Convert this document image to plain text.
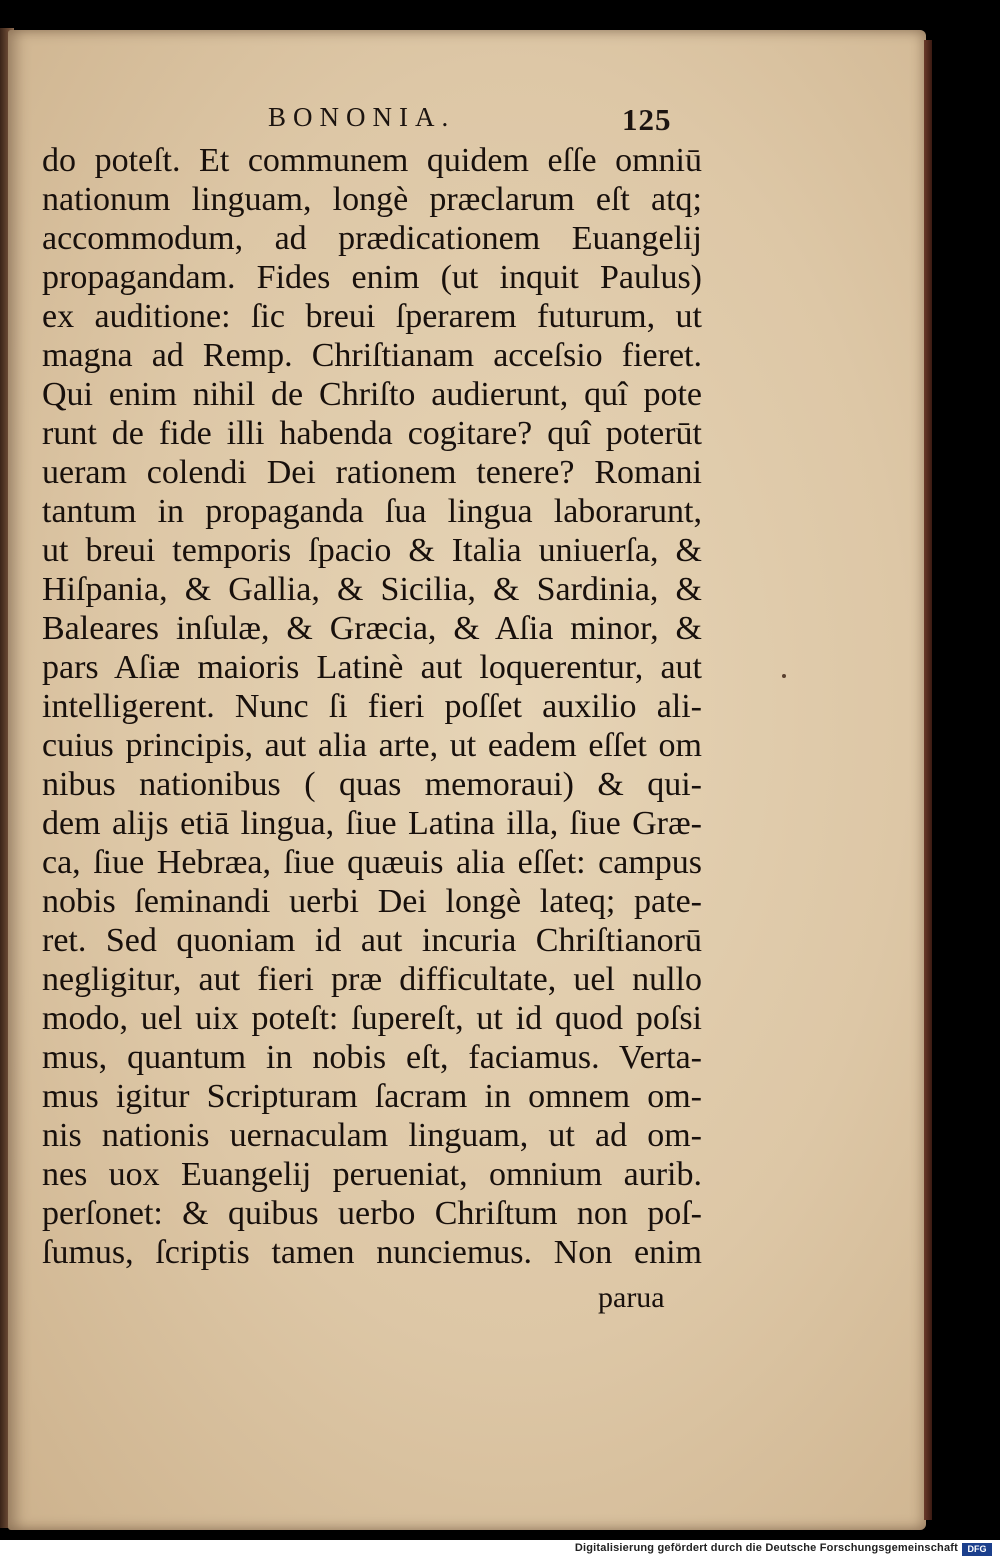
BONONIA.	125
do poteſt. Et communem quidem eſſe omniū
nationum linguam, longè præclarum eſt atq;
accommodum, ad prædicationem Euangelij
propagandam. Fides enim (ut inquit Paulus)
ex auditione: ſic breui ſperarem futurum, ut
magna ad Remp. Chriſtianam acceſsio fieret.
Qui enim nihil de Chriſto audierunt, quî pote
runt de fide illi habenda cogitare? quî poterūt
ueram colendi Dei rationem tenere? Romani
tantum in propaganda ſua lingua laborarunt,
ut breui temporis ſpacio & Italia uniuerſa, &
Hiſpania, & Gallia, & Sicilia, & Sardinia, &
Baleares inſulæ, & Græcia, & Aſia minor, &
pars Aſiæ maioris Latinè aut loquerentur, aut
intelligerent. Nunc ſi fieri poſſet auxilio ali-
cuius principis, aut alia arte, ut eadem eſſet om
nibus nationibus ( quas memoraui) & qui-
dem alijs etiā lingua, ſiue Latina illa, ſiue Græ-
ca, ſiue Hebræa, ſiue quæuis alia eſſet: campus
nobis ſeminandi uerbi Dei longè lateq; pate-
ret. Sed quoniam id aut incuria Chriſtianorū
negligitur, aut fieri præ difficultate, uel nullo
modo, uel uix poteſt: ſupereſt, ut id quod poſsi
mus, quantum in nobis eſt, faciamus. Verta-
mus igitur Scripturam ſacram in omnem om-
nis nationis uernaculam linguam, ut ad om-
nes uox Euangelij perueniat, omnium aurib.
perſonet: & quibus uerbo Chriſtum non poſ-
ſumus, ſcriptis tamen nunciemus. Non enim
parua
Digitalisierung gefördert durch die Deutsche Forschungsgemeinschaft	DFG
